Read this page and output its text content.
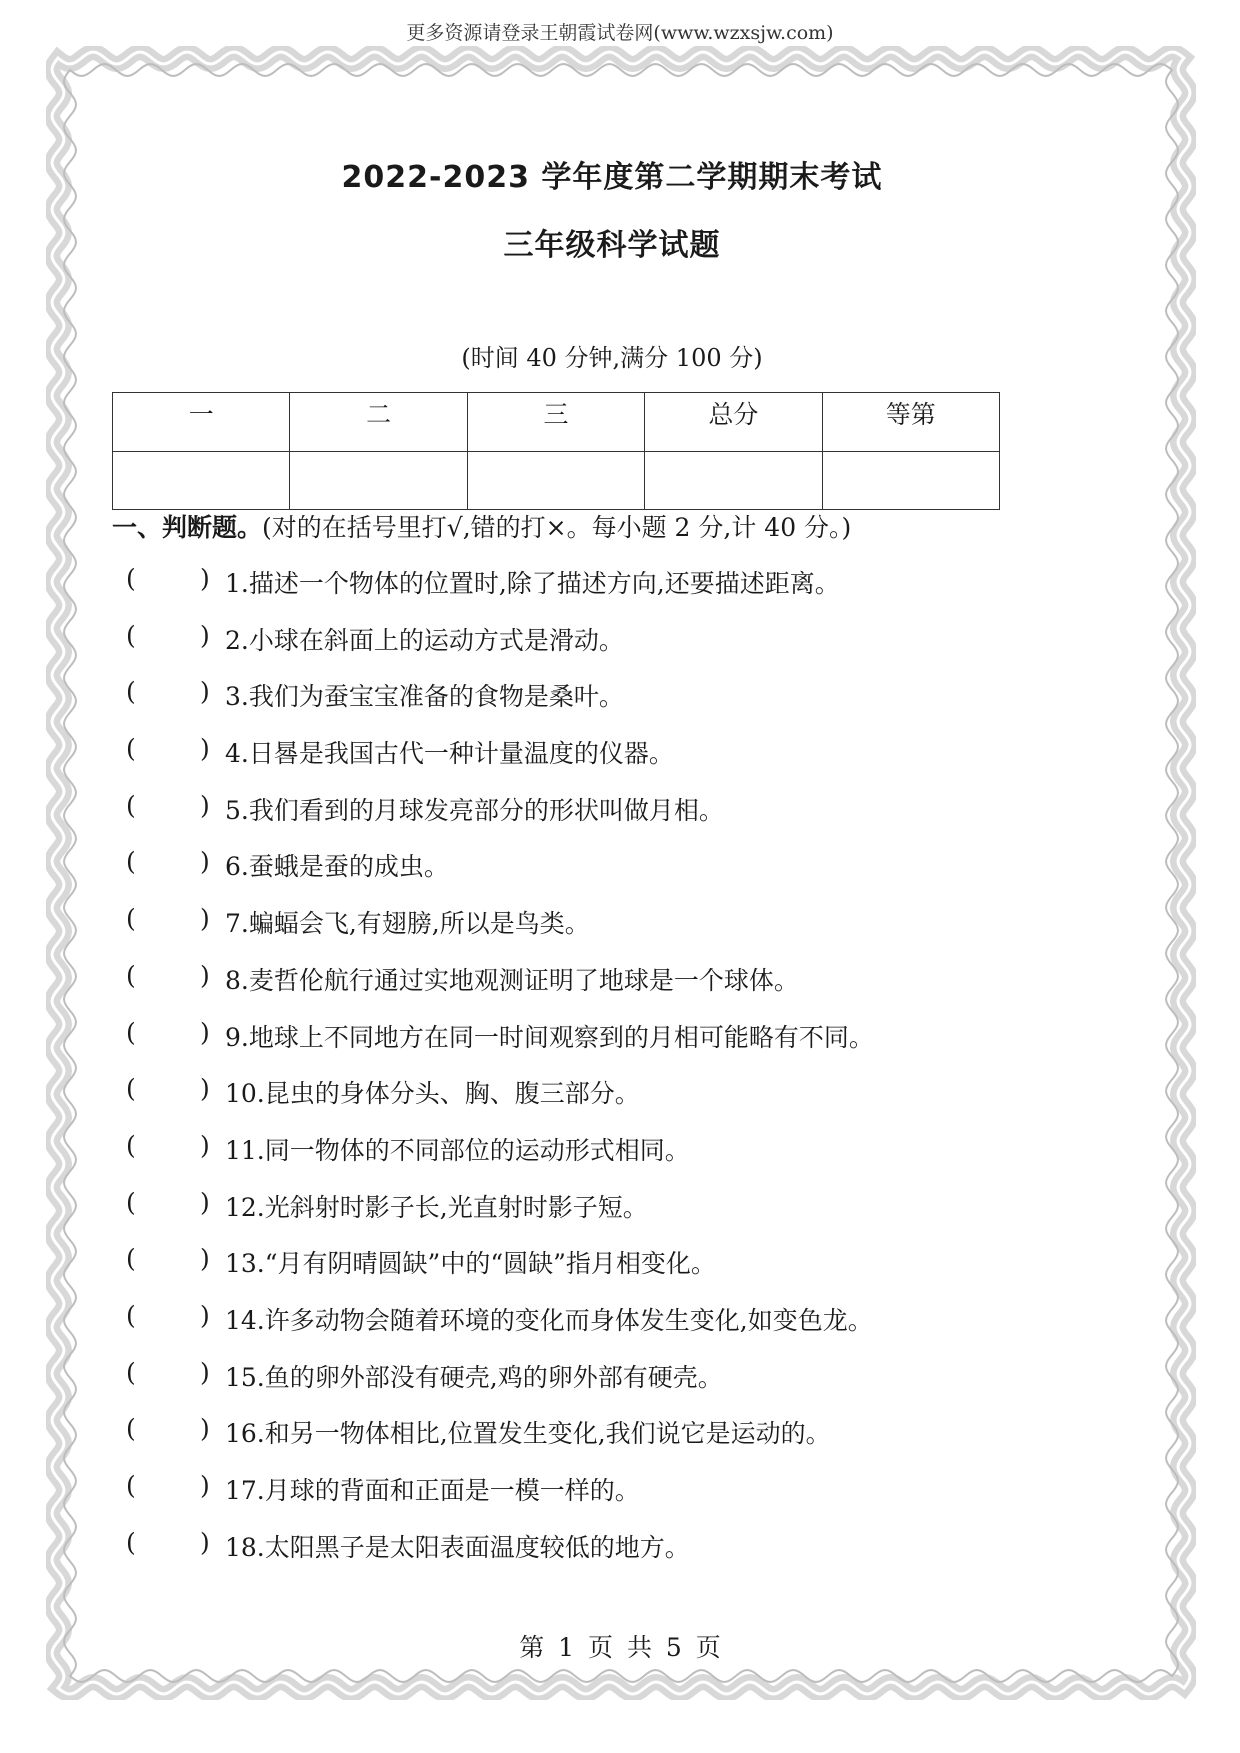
更多资源请登录王朝霞试卷网(www.wzxsjw.com)
2022-2023 学年度第二学期期末考试
三年级科学试题
(时间 40 分钟,满分 100 分)
一	二	三	总分	等第

一、判断题。(对的在括号里打√,错的打×。每小题 2 分,计 40 分。)
(	) 1.描述一个物体的位置时,除了描述方向,还要描述距离。
(	) 2.小球在斜面上的运动方式是滑动。
(	) 3.我们为蚕宝宝准备的食物是桑叶。
(	) 4.日晷是我国古代一种计量温度的仪器。
(	) 5.我们看到的月球发亮部分的形状叫做月相。
(	) 6.蚕蛾是蚕的成虫。
(	) 7.蝙蝠会飞,有翅膀,所以是鸟类。
(	) 8.麦哲伦航行通过实地观测证明了地球是一个球体。
(	) 9.地球上不同地方在同一时间观察到的月相可能略有不同。
(	) 10.昆虫的身体分头、胸、腹三部分。
(	) 11.同一物体的不同部位的运动形式相同。
(	) 12.光斜射时影子长,光直射时影子短。
(	) 13.“月有阴晴圆缺”中的“圆缺”指月相变化。
(	) 14.许多动物会随着环境的变化而身体发生变化,如变色龙。
(	) 15.鱼的卵外部没有硬壳,鸡的卵外部有硬壳。
(	) 16.和另一物体相比,位置发生变化,我们说它是运动的。
(	) 17.月球的背面和正面是一模一样的。
(	) 18.太阳黑子是太阳表面温度较低的地方。
第 1 页 共 5 页
